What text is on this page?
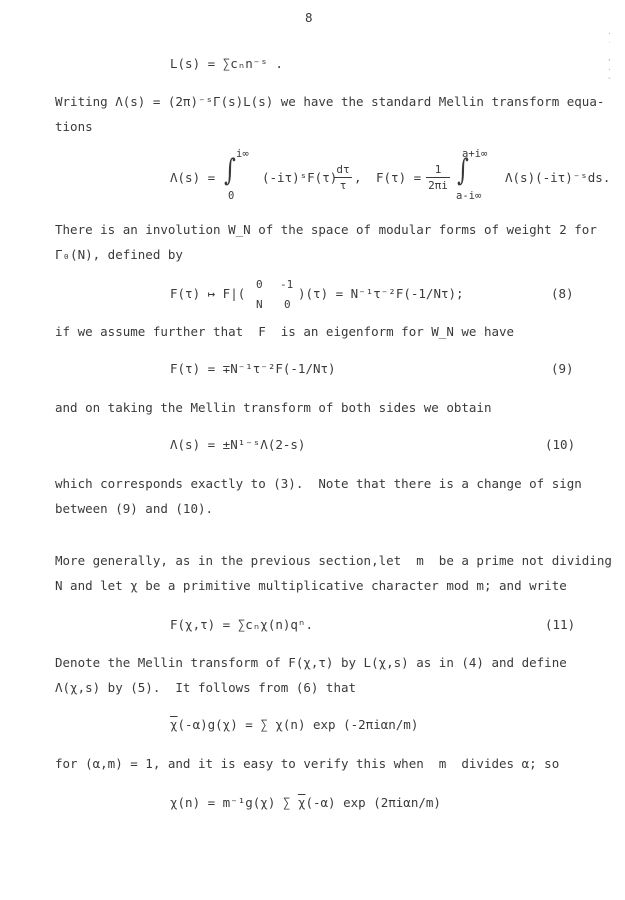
8
·
˙
,
·
ˇ
L(s) = ∑cₙn⁻ˢ .
Writing Λ(s) = (2π)⁻ˢΓ(s)L(s) we have the standard Mellin transform equa-
tions
Λ(s) = ∫ i∞
0
(-iτ)ˢF(τ)
dτ
τ
, F(τ) =
1
2πi ∫
a+i∞
a-i∞
Λ(s)(-iτ)⁻ˢds.
There is an involution W_N of the space of modular forms of weight 2 for
Γ₀(N), defined by
F(τ) ↦ F|(
0 -1
N 0
)(τ) = N⁻¹τ⁻²F(-1/Nτ);	(8)
if we assume further that  F  is an eigenform for W_N we have
F(τ) = ∓N⁻¹τ⁻²F(-1/Nτ)	(9)
and on taking the Mellin transform of both sides we obtain
Λ(s) = ±N¹⁻ˢΛ(2-s)	(10)
which corresponds exactly to (3).  Note that there is a change of sign
between (9) and (10).
More generally, as in the previous section,let  m  be a prime not dividing
N and let χ be a primitive multiplicative character mod m; and write
F(χ,τ) = ∑cₙχ(n)qⁿ.	(11)
Denote the Mellin transform of F(χ,τ) by L(χ,s) as in (4) and define
Λ(χ,s) by (5).  It follows from (6) that
$\overline{\chi}(-\alpha)g(\chi)$ = ∑ χ(n) exp (-2πiαn/m)
for (α,m) = 1, and it is easy to verify this when  m  divides α; so
χ(n) = m⁻¹g(χ) ∑ $\overline{\chi}(-\alpha)$ exp (2πiαn/m)
